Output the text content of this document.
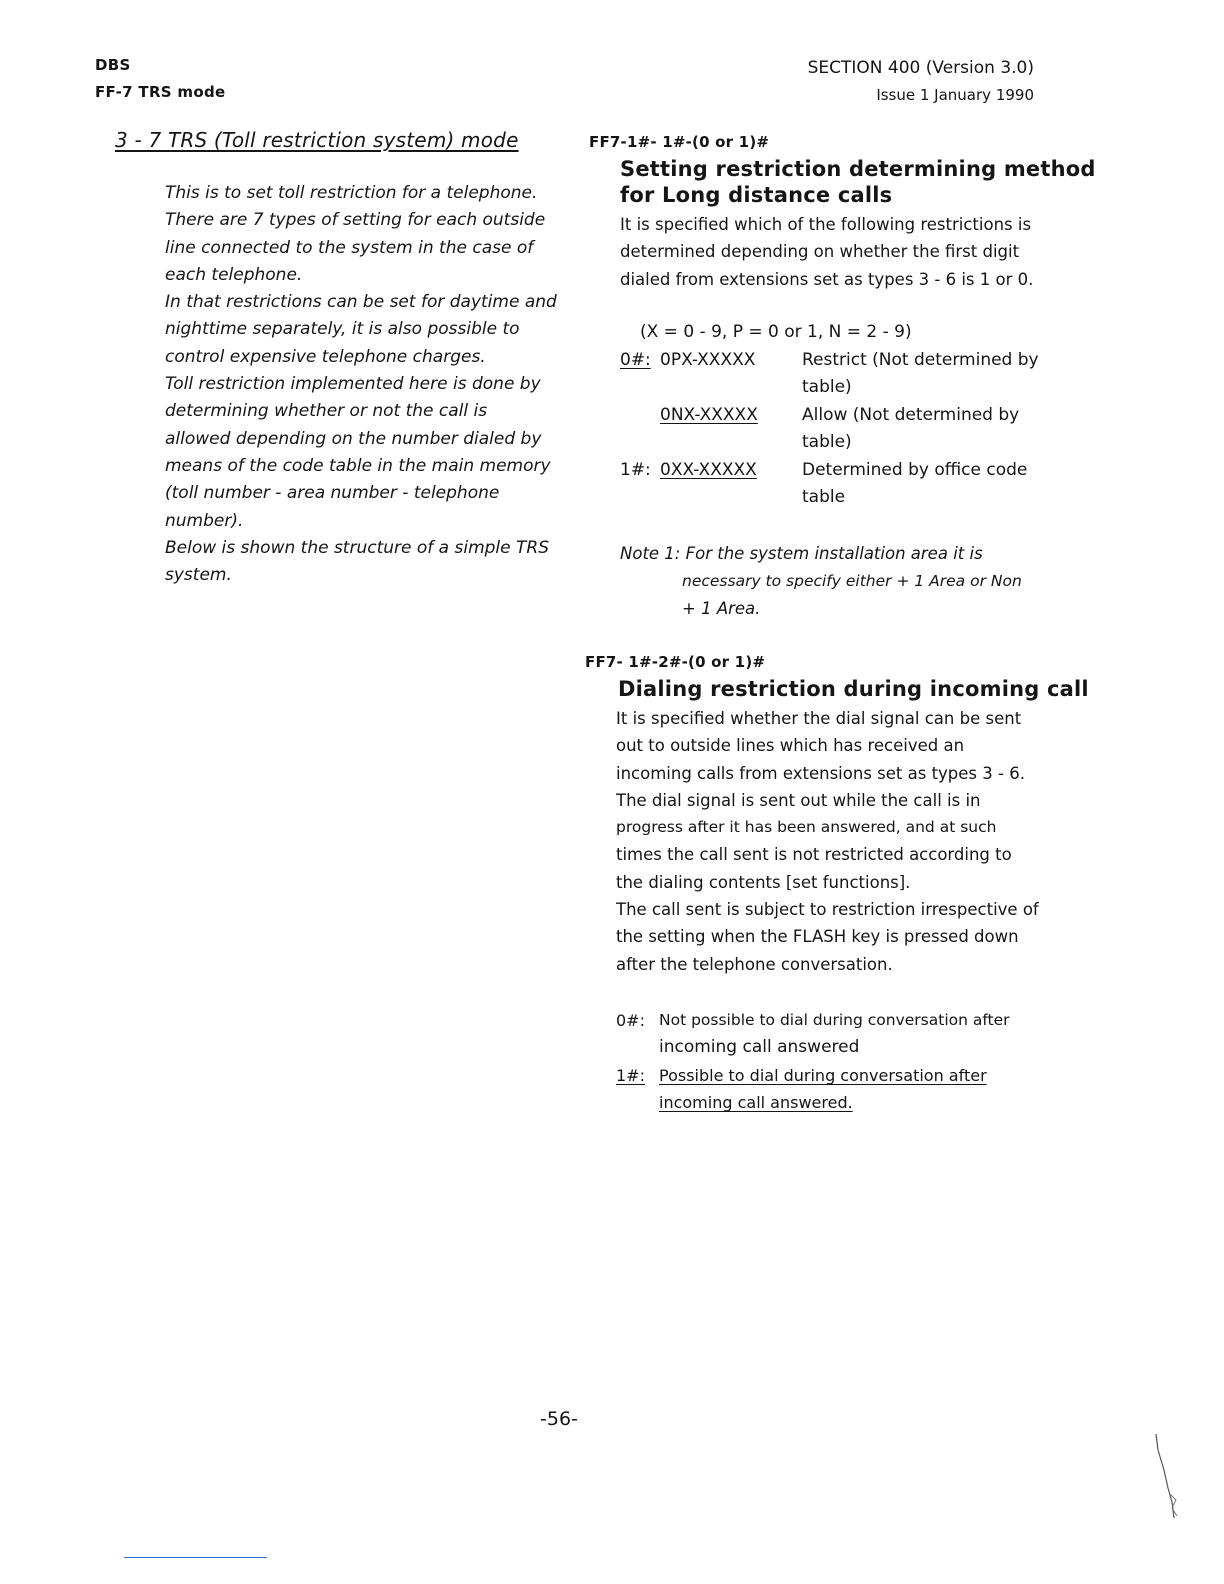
DBS
FF-7 TRS mode
SECTION 400 (Version 3.0)
Issue 1 January 1990
3 - 7 TRS (Toll restriction system) mode
This is to set toll restriction for a telephone.
There are 7 types of setting for each outside
line connected to the system in the case of
each telephone.
In that restrictions can be set for daytime and
nighttime separately, it is also possible to
control expensive telephone charges.
Toll restriction implemented here is done by
determining whether or not the call is
allowed depending on the number dialed by
means of the code table in the main memory
(toll number - area number - telephone
number).
Below is shown the structure of a simple TRS
system.
FF7-1#- 1#-(0 or 1)#
Setting restriction determining method
for Long distance calls
It is specified which of the following restrictions is
determined depending on whether the first digit
dialed from extensions set as types 3 - 6 is 1 or 0.
(X = 0 - 9, P = 0 or 1, N = 2 - 9)
0#: 0PX-XXXXX	Restrict (Not determined by
table)
0NX-XXXXX	Allow (Not determined by
table)
1#: 0XX-XXXXX	Determined by office code
table
Note 1: For the system installation area it is
necessary to specify either + 1 Area or Non
+ 1 Area.
FF7- 1#-2#-(0 or 1)#
Dialing restriction during incoming call
It is specified whether the dial signal can be sent
out to outside lines which has received an
incoming calls from extensions set as types 3 - 6.
The dial signal is sent out while the call is in
progress after it has been answered, and at such
times the call sent is not restricted according to
the dialing contents [set functions].
The call sent is subject to restriction irrespective of
the setting when the FLASH key is pressed down
after the telephone conversation.
0#: Not possible to dial during conversation after
incoming call answered
1#: Possible to dial during conversation after
incoming call answered.
-56-
